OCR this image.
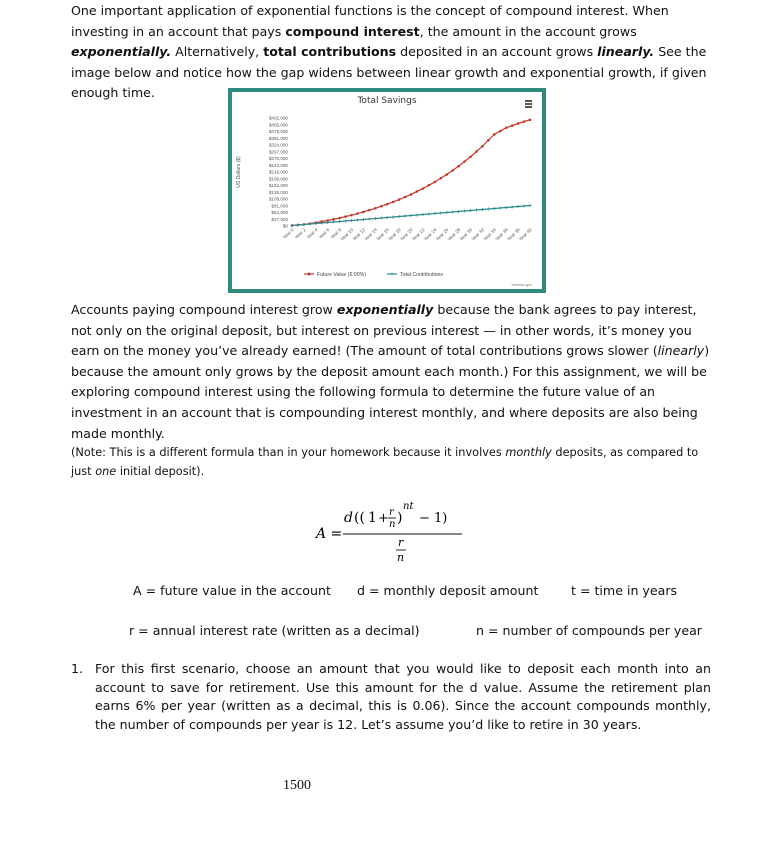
One important application of exponential functions is the concept of compound interest. When investing in an account that pays compound interest, the amount in the account grows exponentially. Alternatively, total contributions deposited in an account grows linearly. See the image below and notice how the gap widens between linear growth and exponential growth, if given enough time.
Total Savings
US Dollars ($)
$432,000
$405,000
$378,000
$351,000
$324,000
$297,000
$270,000
$243,000
$216,000
$189,000
$162,000
$135,000
$108,000
$81,000
$54,000
$27,000
$0
Year 0 Year 2 Year 4 Year 6 Year 8
Year 10
Year 12
Year 14
Year 16
Year 18
Year 20
Year 22
Year 24
Year 26
Year 28
Year 30
Year 32
Year 34
Year 36
Year 38
Year 40
Future Value (6.00%)	Total Contributions
Investor.gov
Accounts paying compound interest grow exponentially because the bank agrees to pay interest, not only on the original deposit, but interest on previous interest — in other words, it’s money you earn on the money you’ve already earned! (The amount of total contributions grows slower (linearly) because the amount only grows by the deposit amount each month.) For this assignment, we will be exploring compound interest using the following formula to determine the future value of an investment in an account that is compounding interest monthly, and where deposits are also being made monthly.
(Note: This is a different formula than in your homework because it involves monthly deposits, as compared to just one initial deposit).
A =
d (( 1 + r
n )
nt
− 1)
r
n
A = future value in the account d = monthly deposit amount	t = time in years
r = annual interest rate (written as a decimal)	n = number of compounds per year
1. For this first scenario, choose an amount that you would like to deposit each month into an account to save for retirement. Use this amount for the d value. Assume the retirement plan earns 6% per year (written as a decimal, this is 0.06). Since the account compounds monthly, the number of compounds per year is 12. Let’s assume you’d like to retire in 30 years.
1500
